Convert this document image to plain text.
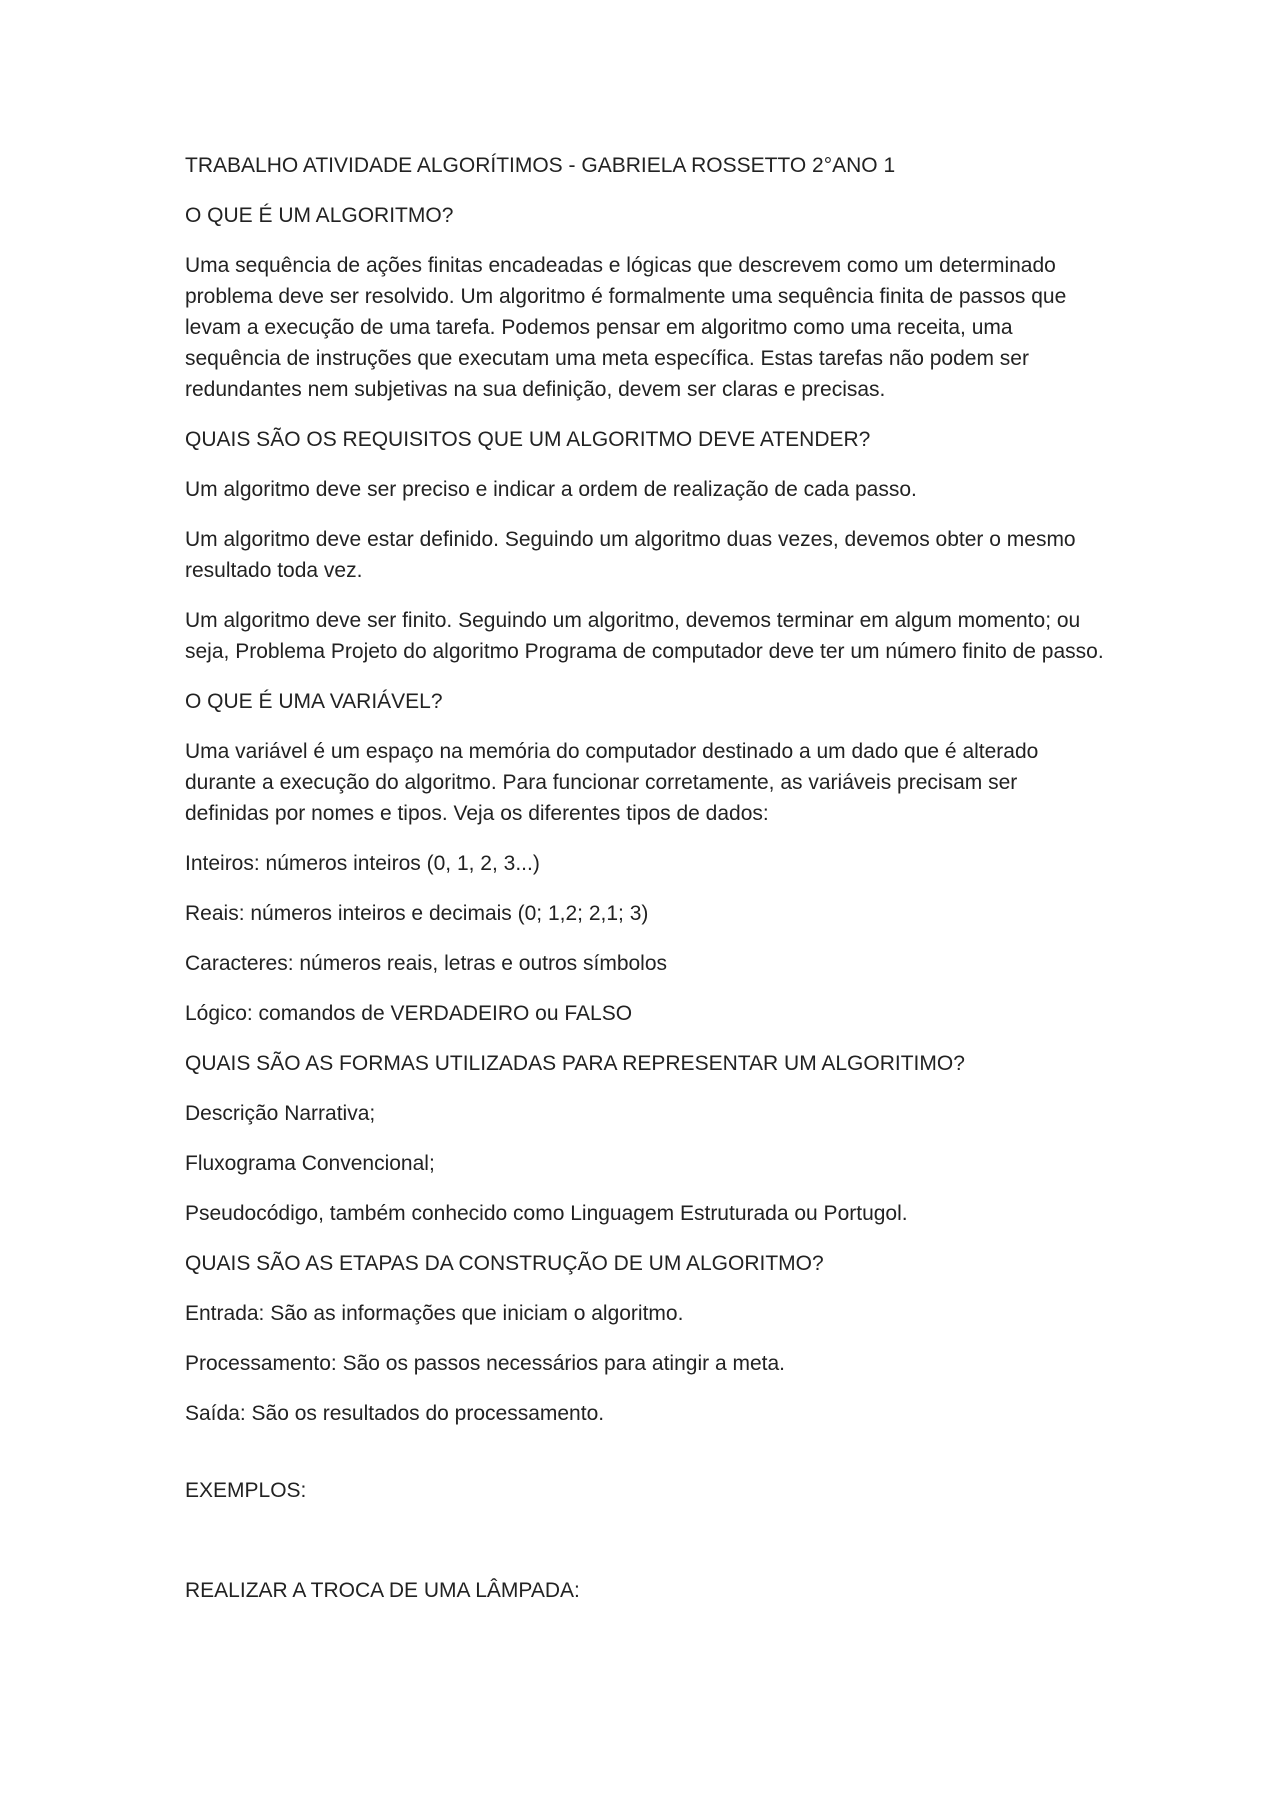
TRABALHO ATIVIDADE ALGORÍTIMOS - GABRIELA ROSSETTO 2°ANO 1

O QUE É UM ALGORITMO?

Uma sequência de ações finitas encadeadas e lógicas que descrevem como um determinado problema deve ser resolvido. Um algoritmo é formalmente uma sequência finita de passos que levam a execução de uma tarefa. Podemos pensar em algoritmo como uma receita, uma sequência de instruções que executam uma meta específica. Estas tarefas não podem ser redundantes nem subjetivas na sua definição, devem ser claras e precisas.

QUAIS SÃO OS REQUISITOS QUE UM ALGORITMO DEVE ATENDER?

Um algoritmo deve ser preciso e indicar a ordem de realização de cada passo.

Um algoritmo deve estar definido. Seguindo um algoritmo duas vezes, devemos obter o mesmo resultado toda vez.

Um algoritmo deve ser finito. Seguindo um algoritmo, devemos terminar em algum momento; ou seja, Problema Projeto do algoritmo Programa de computador deve ter um número finito de passo.

O QUE É UMA VARIÁVEL?

Uma variável é um espaço na memória do computador destinado a um dado que é alterado durante a execução do algoritmo. Para funcionar corretamente, as variáveis precisam ser definidas por nomes e tipos. Veja os diferentes tipos de dados:

Inteiros: números inteiros (0, 1, 2, 3...)

Reais: números inteiros e decimais (0; 1,2; 2,1; 3)

Caracteres: números reais, letras e outros símbolos

Lógico: comandos de VERDADEIRO ou FALSO

QUAIS SÃO AS FORMAS UTILIZADAS PARA REPRESENTAR UM ALGORITIMO?

Descrição Narrativa;

Fluxograma Convencional;

Pseudocódigo, também conhecido como Linguagem Estruturada ou Portugol.

QUAIS SÃO AS ETAPAS DA CONSTRUÇÃO DE UM ALGORITMO?

Entrada: São as informações que iniciam o algoritmo.

Processamento: São os passos necessários para atingir a meta.

Saída: São os resultados do processamento.

EXEMPLOS:

REALIZAR A TROCA DE UMA LÂMPADA:
